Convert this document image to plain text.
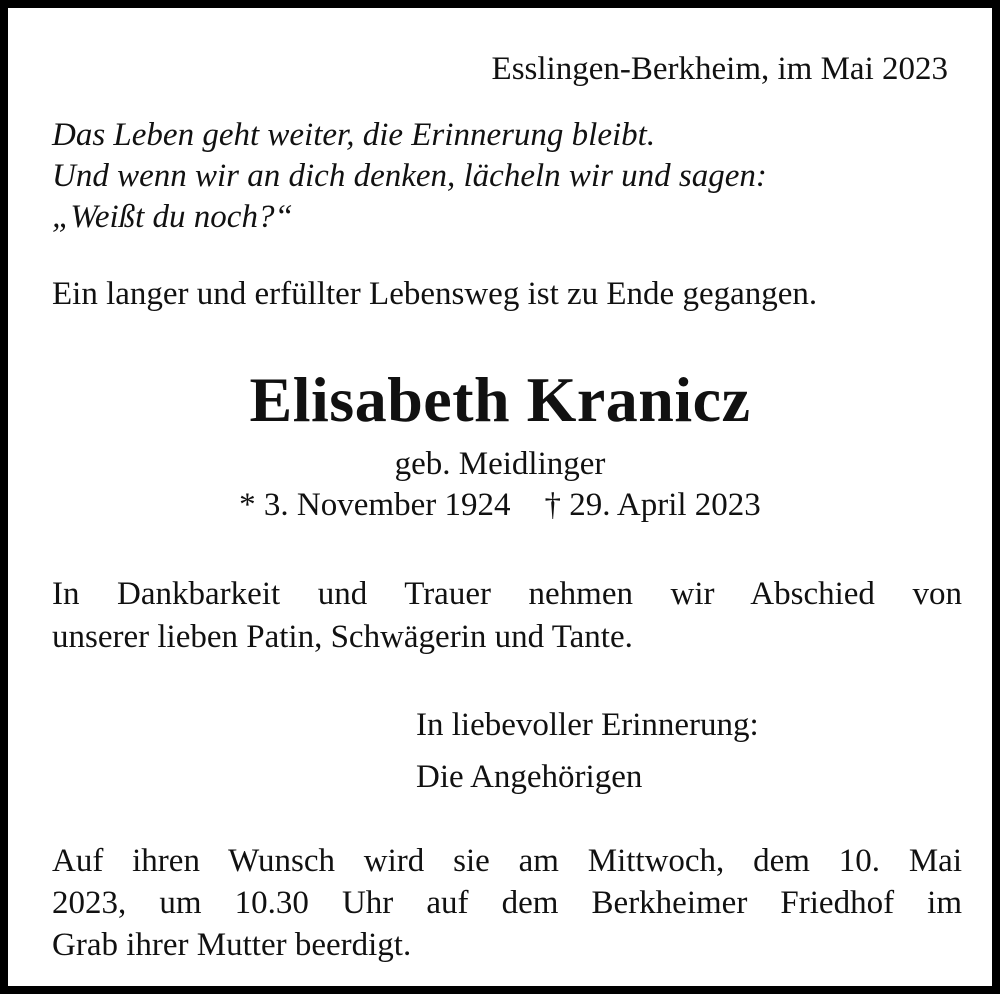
Esslingen-Berkheim, im Mai 2023

Das Leben geht weiter, die Erinnerung bleibt.

Und wenn wir an dich denken, lächeln wir und sagen:

„Weißt du noch?“

Ein langer und erfüllter Lebensweg ist zu Ende gegangen.

Elisabeth Kranicz

geb. Meidlinger

* 3. November 1924 † 29. April 2023

In Dankbarkeit und Trauer nehmen wir Abschied von

unserer lieben Patin, Schwägerin und Tante.

In liebevoller Erinnerung:

Die Angehörigen

Auf ihren Wunsch wird sie am Mittwoch, dem 10. Mai

2023, um 10.30 Uhr auf dem Berkheimer Friedhof im

Grab ihrer Mutter beerdigt.
